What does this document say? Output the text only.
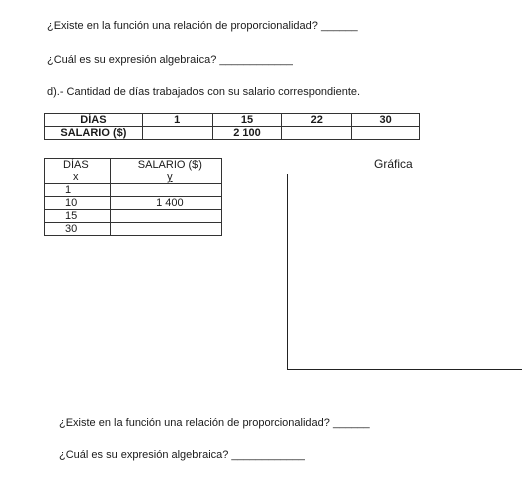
¿Existe en la función una relación de proporcionalidad? ______
¿Cuál es su expresión algebraica? ____________
d).- Cantidad de días trabajados con su salario correspondiente.
DÍAS	1	15	22	30
SALARIO ($)		2 100		
DÍAS	SALARIO ($)
x	y
1	
10	1 400
15	
30	
Gráfica
¿Existe en la función una relación de proporcionalidad? ______
¿Cuál es su expresión algebraica? ____________
